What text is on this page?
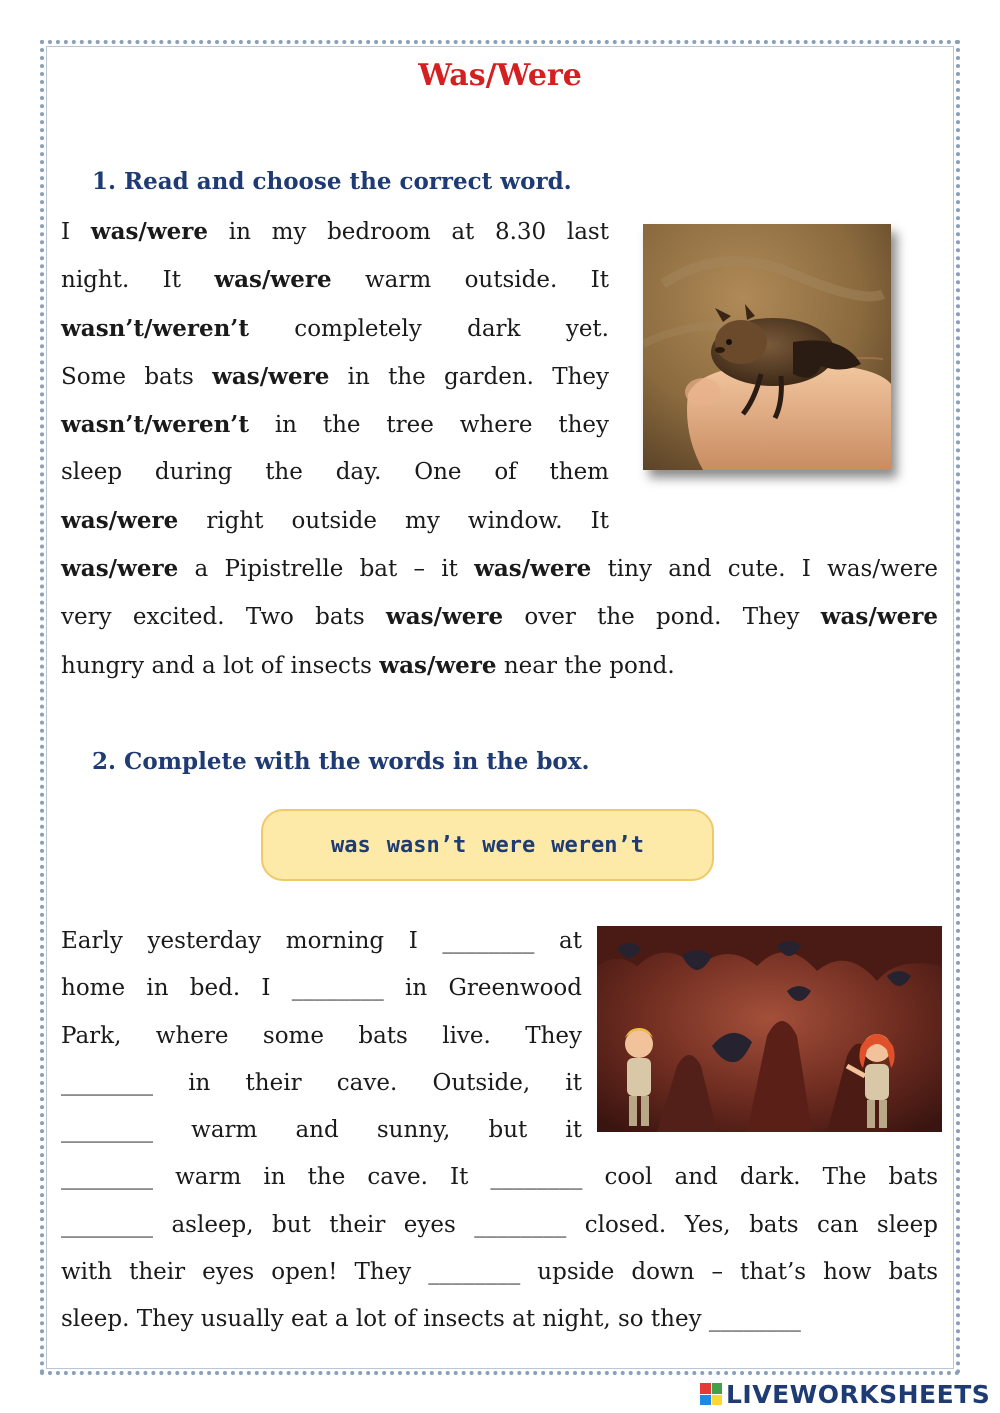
Was/Were
1. Read and choose the correct word.
I was/were in my bedroom at 8.30 last
night. It was/were warm outside. It
wasn’t/weren’t completely dark yet.
Some bats was/were in the garden. They
wasn’t/weren’t in the tree where they
sleep during the day. One of them
was/were right outside my window. It
was/were a Pipistrelle bat – it was/were tiny and cute. I was/were
very excited. Two bats was/were over the pond. They was/were
hungry and a lot of insects was/were near the pond.
2. Complete with the words in the box.
was wasn’t were weren’t
Early yesterday morning I ________ at
home in bed. I ________ in Greenwood
Park, where some bats live. They
________ in their cave. Outside, it
________ warm and sunny, but it
________ warm in the cave. It ________ cool and dark. The bats
________ asleep, but their eyes ________ closed. Yes, bats can sleep
with their eyes open! They ________ upside down – that’s how bats
sleep. They usually eat a lot of insects at night, so they ________
LIVEWORKSHEETS
